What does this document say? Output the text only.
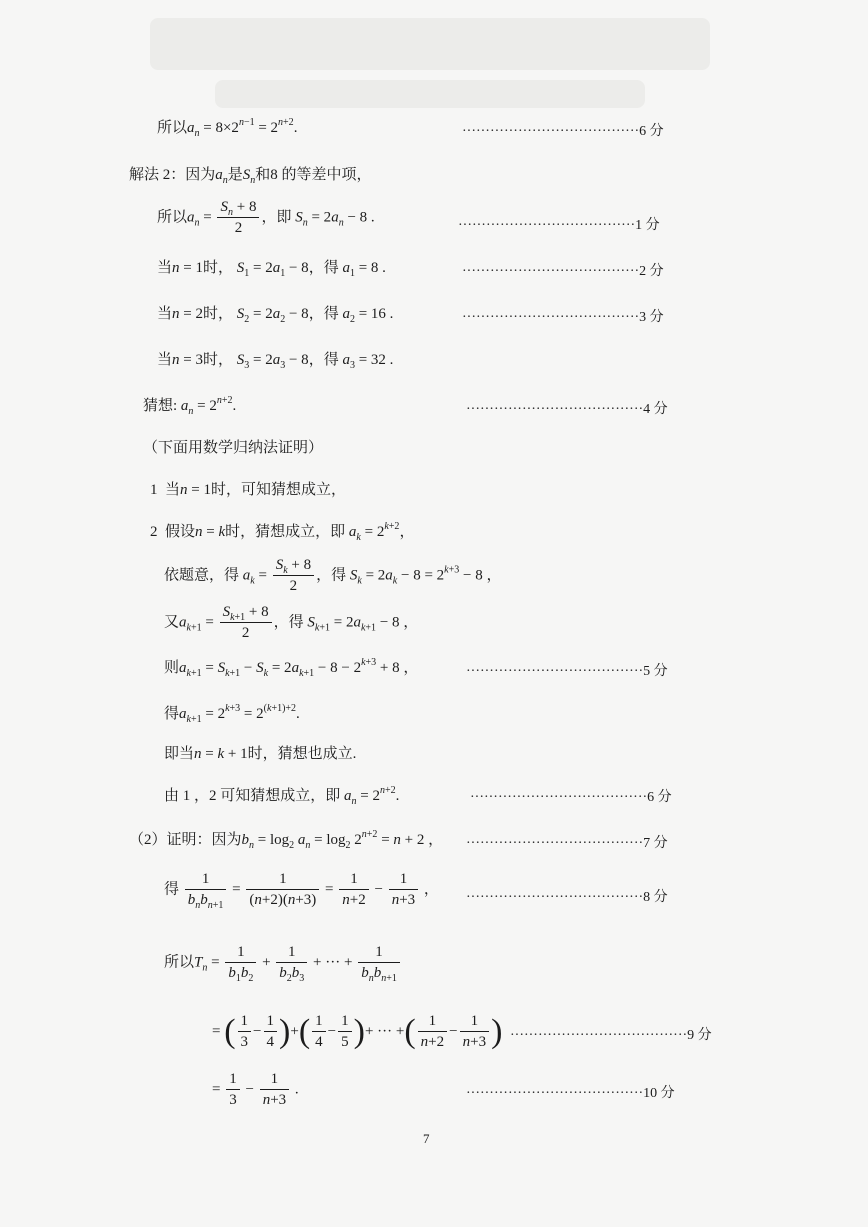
所以$a_n = 8\times 2^{n-1} = 2^{n+2}$.	······································6 分
解法 2：因为$a_n$是$S_n$和8 的等差中项，
所以$a_n = \frac{S_n + 8}{2}$ ，即 $S_n = 2a_n - 8$ .
······································1 分
当n = 1时， $S_1 = 2a_1 - 8$，得 $a_1 = 8$ .	······································2 分
当n = 2时， $S_2 = 2a_2 - 8$，得 $a_2 = 16$ .	······································3 分
当n = 3时， $S_3 = 2a_3 - 8$，得 $a_3 = 32$ .
猜想: $a_n = 2^{n+2}$.	······································4 分
（下面用数学归纳法证明）
1 当n = 1时，可知猜想成立，
2 假设n = k时，猜想成立，即 $a_k = 2^{k+2}$，
依题意，得 $a_k = \frac{S_k + 8}{2}$ ，得 $S_k = 2a_k - 8 = 2^{k+3} - 8$ ，
又$a_{k+1} = \frac{S_{k+1} + 8}{2}$ ，得 $S_{k+1} = 2a_{k+1} - 8$ ，
则$a_{k+1} = S_{k+1} - S_k = 2a_{k+1} - 8 - 2^{k+3} + 8$ ，	······································5 分
得$a_{k+1} = 2^{k+3} = 2^{(k+1)+2}$.
即当n = k + 1时，猜想也成立.
由 1 ，2 可知猜想成立，即 $a_n = 2^{n+2}$.	······································6 分
（2）证明：因为$b_n = \log_2 a_n = \log_2 2^{n+2} = n + 2$ ， ······································7 分
得 $\frac{1}{b_nb_{n+1}} = \frac{1}{(n+2)(n+3)} = \frac{1}{n+2} - \frac{1}{n+3}$ ，
······································8 分
所以$T_n = \frac{1}{b_1b_2} + \frac{1}{b_2b_3}$ + ··· + $\frac{1}{b_nb_{n+1}}$
= ( $\frac{1}{3} - \frac{1}{4}$ )+( $\frac{1}{4} - \frac{1}{5}$ )+ ··· +( $\frac{1}{n+2} - \frac{1}{n+3}$ ) ······································9 分
= $\frac{1}{3} - \frac{1}{n+3}$ .	······································10 分
7
